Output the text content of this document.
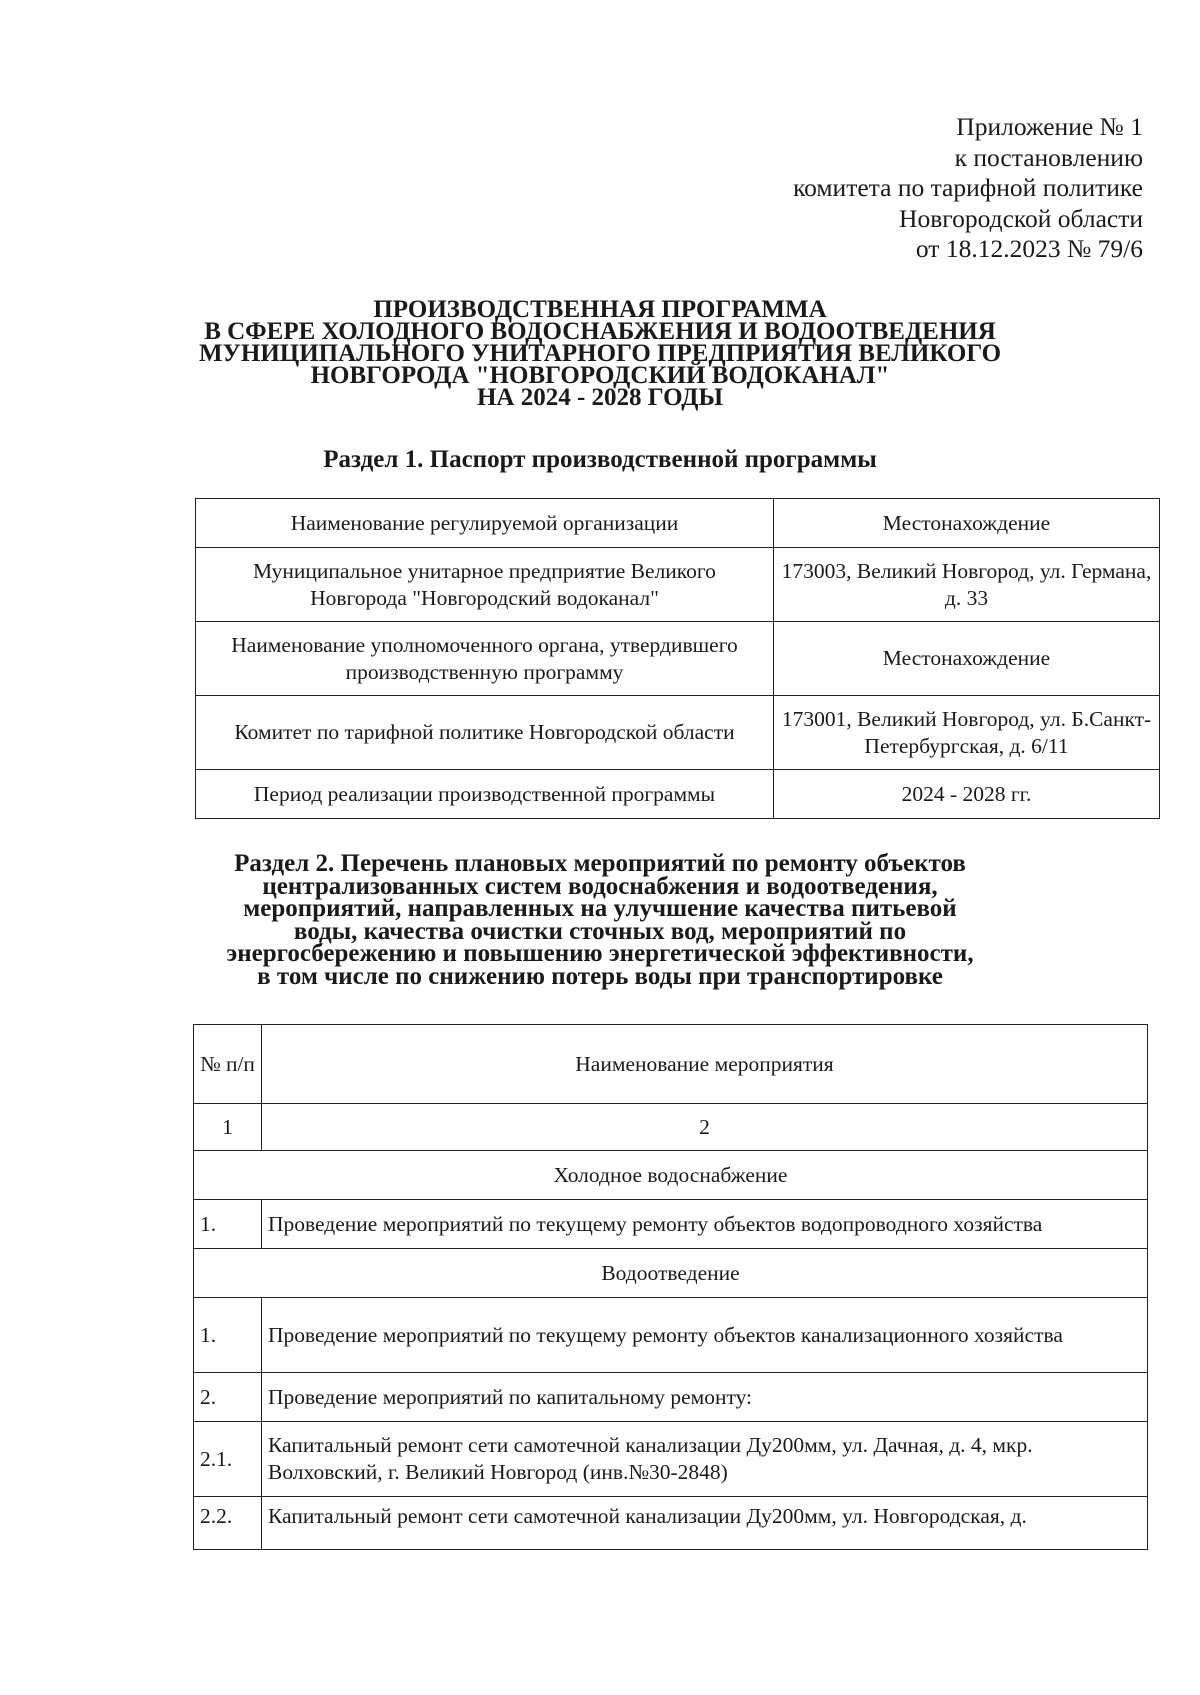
Приложение № 1
к постановлению
комитета по тарифной политике
Новгородской области
от 18.12.2023 № 79/6
ПРОИЗВОДСТВЕННАЯ ПРОГРАММА
В СФЕРЕ ХОЛОДНОГО ВОДОСНАБЖЕНИЯ И ВОДООТВЕДЕНИЯ
МУНИЦИПАЛЬНОГО УНИТАРНОГО ПРЕДПРИЯТИЯ ВЕЛИКОГО
НОВГОРОДА "НОВГОРОДСКИЙ ВОДОКАНАЛ"
НА 2024 - 2028 ГОДЫ
Раздел 1. Паспорт производственной программы
Наименование регулируемой организации	Местонахождение
Муниципальное унитарное предприятие Великого Новгорода "Новгородский водоканал"	173003, Великий Новгород, ул. Германа, д. 33
Наименование уполномоченного органа, утвердившего производственную программу	Местонахождение
Комитет по тарифной политике Новгородской области	173001, Великий Новгород, ул. Б.Санкт-Петербургская, д. 6/11
Период реализации производственной программы	2024 - 2028 гг.
Раздел 2. Перечень плановых мероприятий по ремонту объектов
централизованных систем водоснабжения и водоотведения,
мероприятий, направленных на улучшение качества питьевой
воды, качества очистки сточных вод, мероприятий по
энергосбережению и повышению энергетической эффективности,
в том числе по снижению потерь воды при транспортировке
№ п/п	Наименование мероприятия
1	2
Холодное водоснабжение	
1.	Проведение мероприятий по текущему ремонту объектов водопроводного хозяйства
Водоотведение	
1.	Проведение мероприятий по текущему ремонту объектов канализационного хозяйства
2.	Проведение мероприятий по капитальному ремонту:
2.1.	Капитальный ремонт сети самотечной канализации Ду200мм, ул. Дачная, д. 4, мкр. Волховский, г. Великий Новгород (инв.№30-2848)
2.2.	Капитальный ремонт сети самотечной канализации Ду200мм, ул. Новгородская, д.
